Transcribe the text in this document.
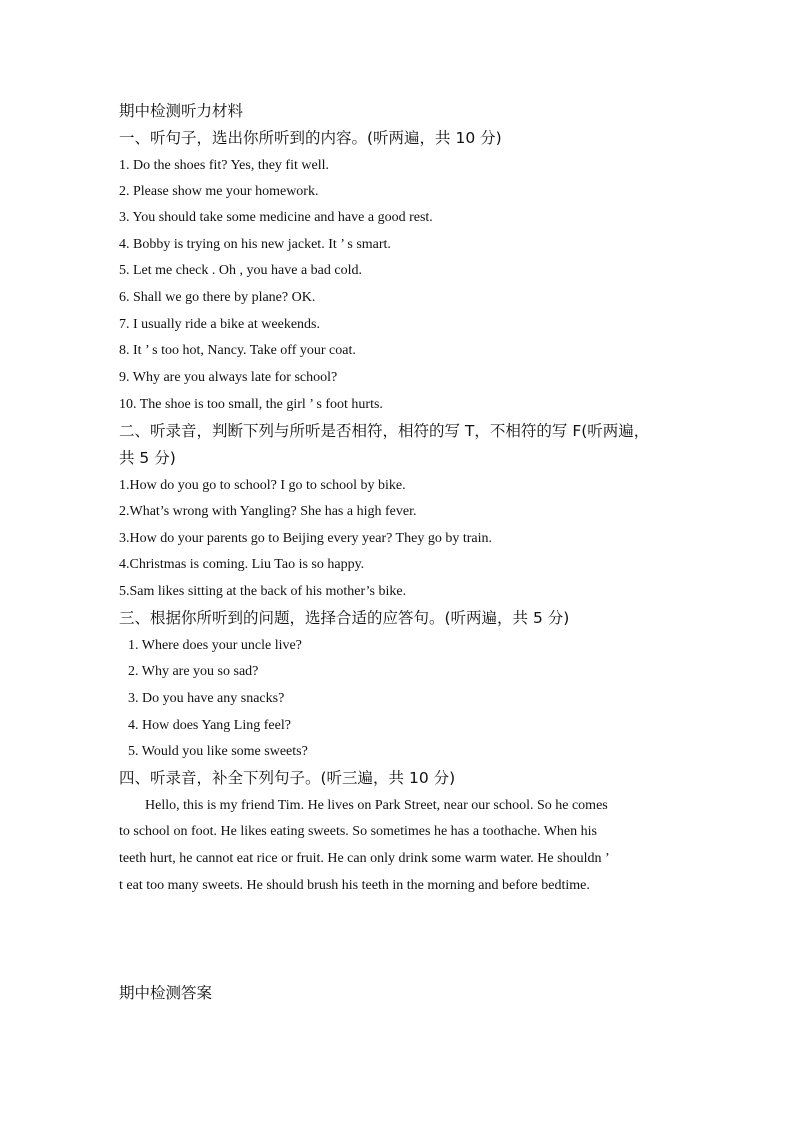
期中检测听力材料
一、听句子，选出你所听到的内容。(听两遍，共 10 分)
1. Do the shoes fit? Yes, they fit well.
2. Please show me your homework.
3. You should take some medicine and have a good rest.
4. Bobby is trying on his new jacket. It ’ s smart.
5. Let me check . Oh , you have a bad cold.
6. Shall we go there by plane? OK.
7. I usually ride a bike at weekends.
8. It ’ s too hot, Nancy. Take off your coat.
9. Why are you always late for school?
10. The shoe is too small, the girl ’ s foot hurts.
二、听录音，判断下列与所听是否相符，相符的写 T，不相符的写 F(听两遍，
共 5 分)
1.How do you go to school? I go to school by bike.
2.What’s wrong with Yangling? She has a high fever.
3.How do your parents go to Beijing every year? They go by train.
4.Christmas is coming. Liu Tao is so happy.
5.Sam likes sitting at the back of his mother’s bike.
三、根据你所听到的问题，选择合适的应答句。(听两遍，共 5 分)
1. Where does your uncle live?
2. Why are you so sad?
3. Do you have any snacks?
4. How does Yang Ling feel?
5. Would you like some sweets?
四、听录音，补全下列句子。(听三遍，共 10 分)
Hello, this is my friend Tim. He lives on Park Street, near our school. So he comes
to school on foot. He likes eating sweets. So sometimes he has a toothache. When his
teeth hurt, he cannot eat rice or fruit. He can only drink some warm water. He shouldn ’
t eat too many sweets. He should brush his teeth in the morning and before bedtime.
期中检测答案
